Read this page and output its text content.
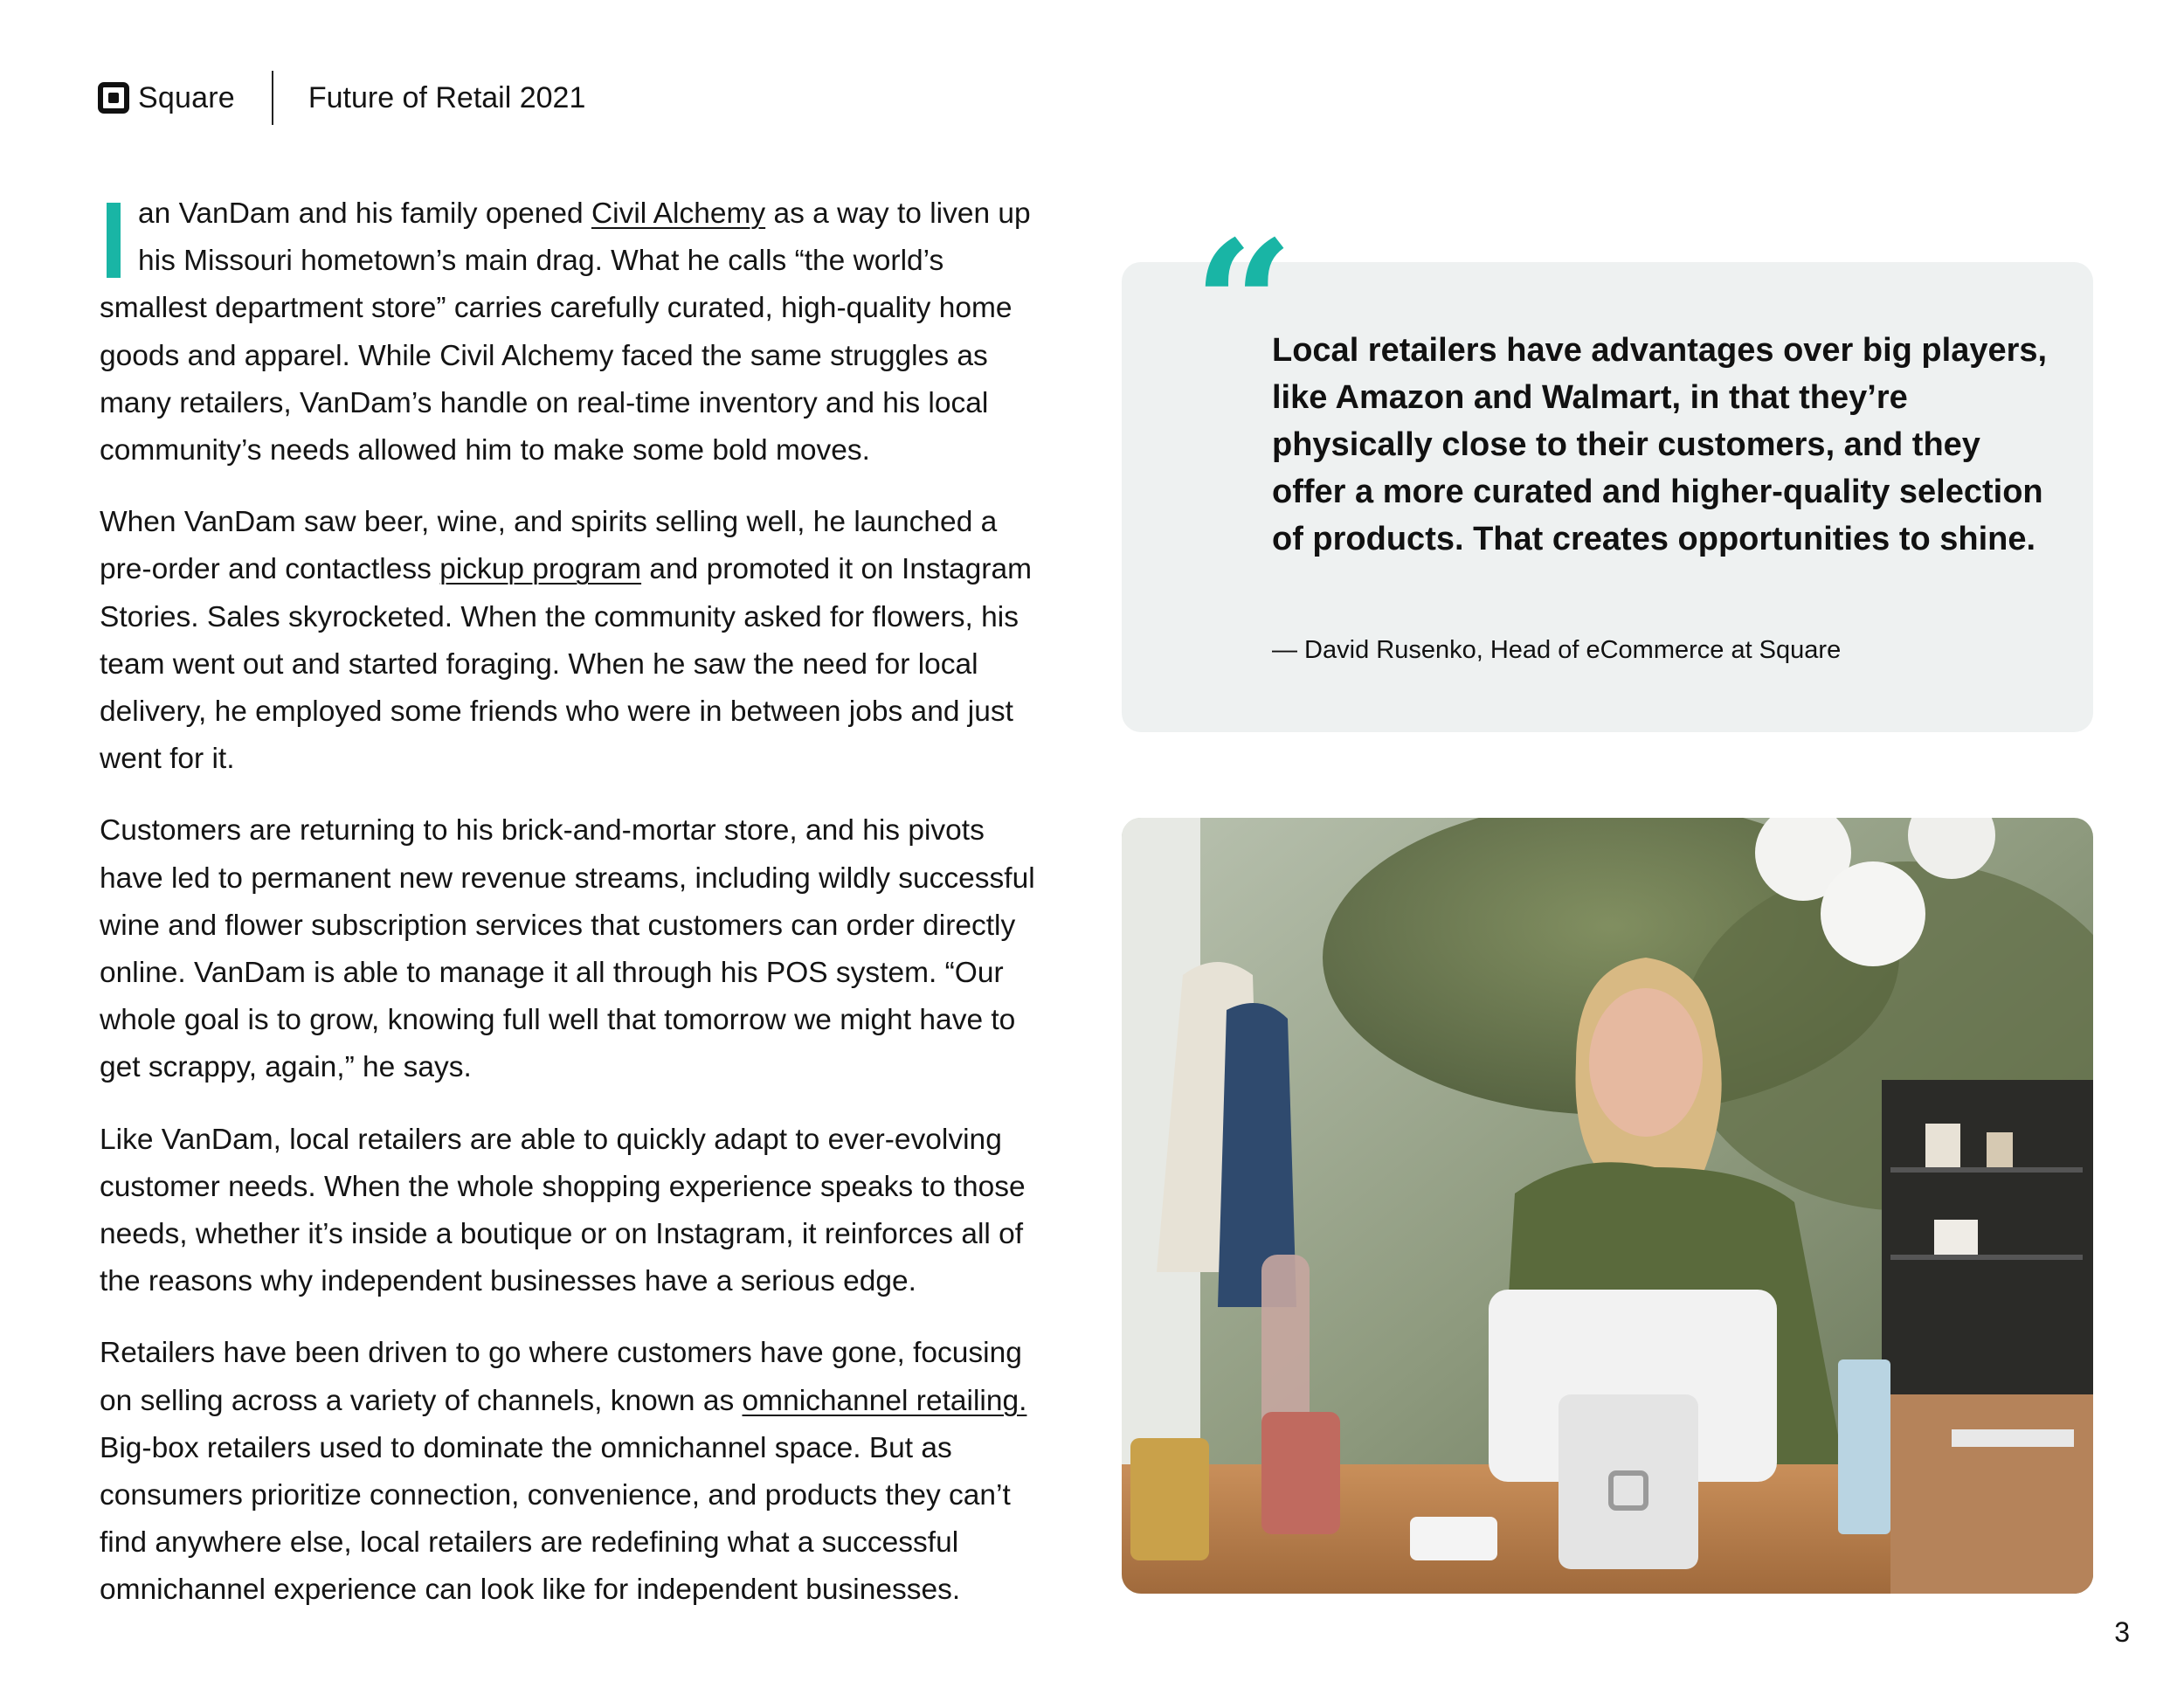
Square Future of Retail 2021

an VanDam and his family opened Civil Alchemy as a way to liven up his Missouri hometown’s main drag. What he calls “the world’s smallest department store” carries carefully curated, high-quality home goods and apparel. While Civil Alchemy faced the same struggles as many retailers, VanDam’s handle on real-time inventory and his local community’s needs allowed him to make some bold moves.

When VanDam saw beer, wine, and spirits selling well, he launched a pre-order and contactless pickup program and promoted it on Instagram Stories. Sales skyrocketed. When the community asked for flowers, his team went out and started foraging. When he saw the need for local delivery, he employed some friends who were in between jobs and just went for it.

Customers are returning to his brick-and-mortar store, and his pivots have led to permanent new revenue streams, including wildly successful wine and flower subscription services that customers can order directly online. VanDam is able to manage it all through his POS system. “Our whole goal is to grow, knowing full well that tomorrow we might have to get scrappy, again,” he says.

Like VanDam, local retailers are able to quickly adapt to ever-evolving customer needs. When the whole shopping experience speaks to those needs, whether it’s inside a boutique or on Instagram, it reinforces all of the reasons why independent businesses have a serious edge.

Retailers have been driven to go where customers have gone, focusing on selling across a variety of channels, known as omnichannel retailing. Big-box retailers used to dominate the omnichannel space. But as consumers prioritize connection, convenience, and products they can’t find anywhere else, local retailers are redefining what a successful omnichannel experience can look like for independent businesses.

“
Local retailers have advantages over big players, like Amazon and Walmart, in that they’re physically close to their customers, and they offer a more curated and higher-quality selection of products. That creates opportunities to shine.
— David Rusenko, Head of eCommerce at Square
3
